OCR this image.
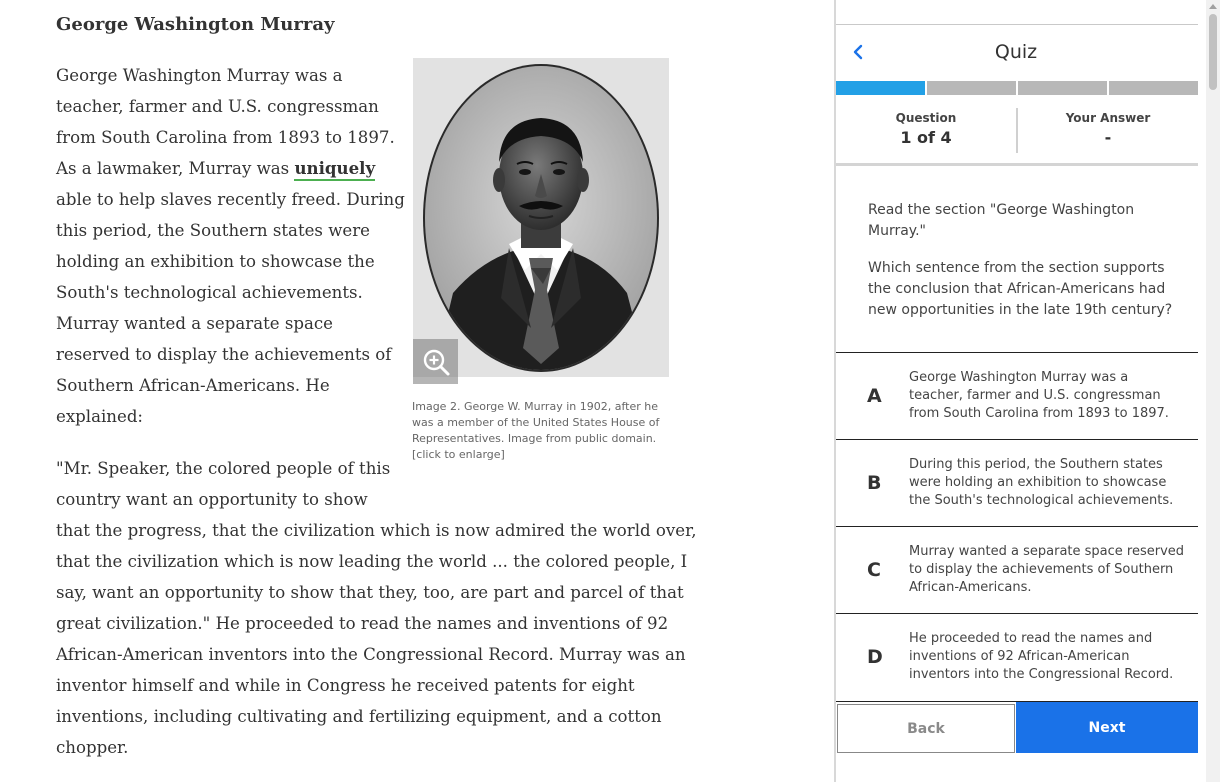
George Washington Murray

George Washington Murray was a
teacher, farmer and U.S. congressman
from South Carolina from 1893 to 1897.
As a lawmaker, Murray was uniquely
able to help slaves recently freed. During
this period, the Southern states were
holding an exhibition to showcase the
South's technological achievements.
Murray wanted a separate space
reserved to display the achievements of
Southern African-Americans. He
explained:

"Mr. Speaker, the colored people of this
country want an opportunity to show
that the progress, that the civilization which is now admired the world over,
that the civilization which is now leading the world ... the colored people, I
say, want an opportunity to show that they, too, are part and parcel of that
great civilization." He proceeded to read the names and inventions of 92
African-American inventors into the Congressional Record. Murray was an
inventor himself and while in Congress he received patents for eight
inventions, including cultivating and fertilizing equipment, and a cotton
chopper.

Image 2. George W. Murray in 1902, after he
was a member of the United States House of
Representatives. Image from public domain.
[click to enlarge]

Quiz
Question
1 of 4
Your Answer
-

Read the section "George Washington
Murray."

Which sentence from the section supports
the conclusion that African-Americans had
new opportunities in the late 19th century?

A
George Washington Murray was a
teacher, farmer and U.S. congressman
from South Carolina from 1893 to 1897.
B
During this period, the Southern states
were holding an exhibition to showcase
the South's technological achievements.
C
Murray wanted a separate space reserved
to display the achievements of Southern
African-Americans.
D
He proceeded to read the names and
inventions of 92 African-American
inventors into the Congressional Record.
Back	Next
